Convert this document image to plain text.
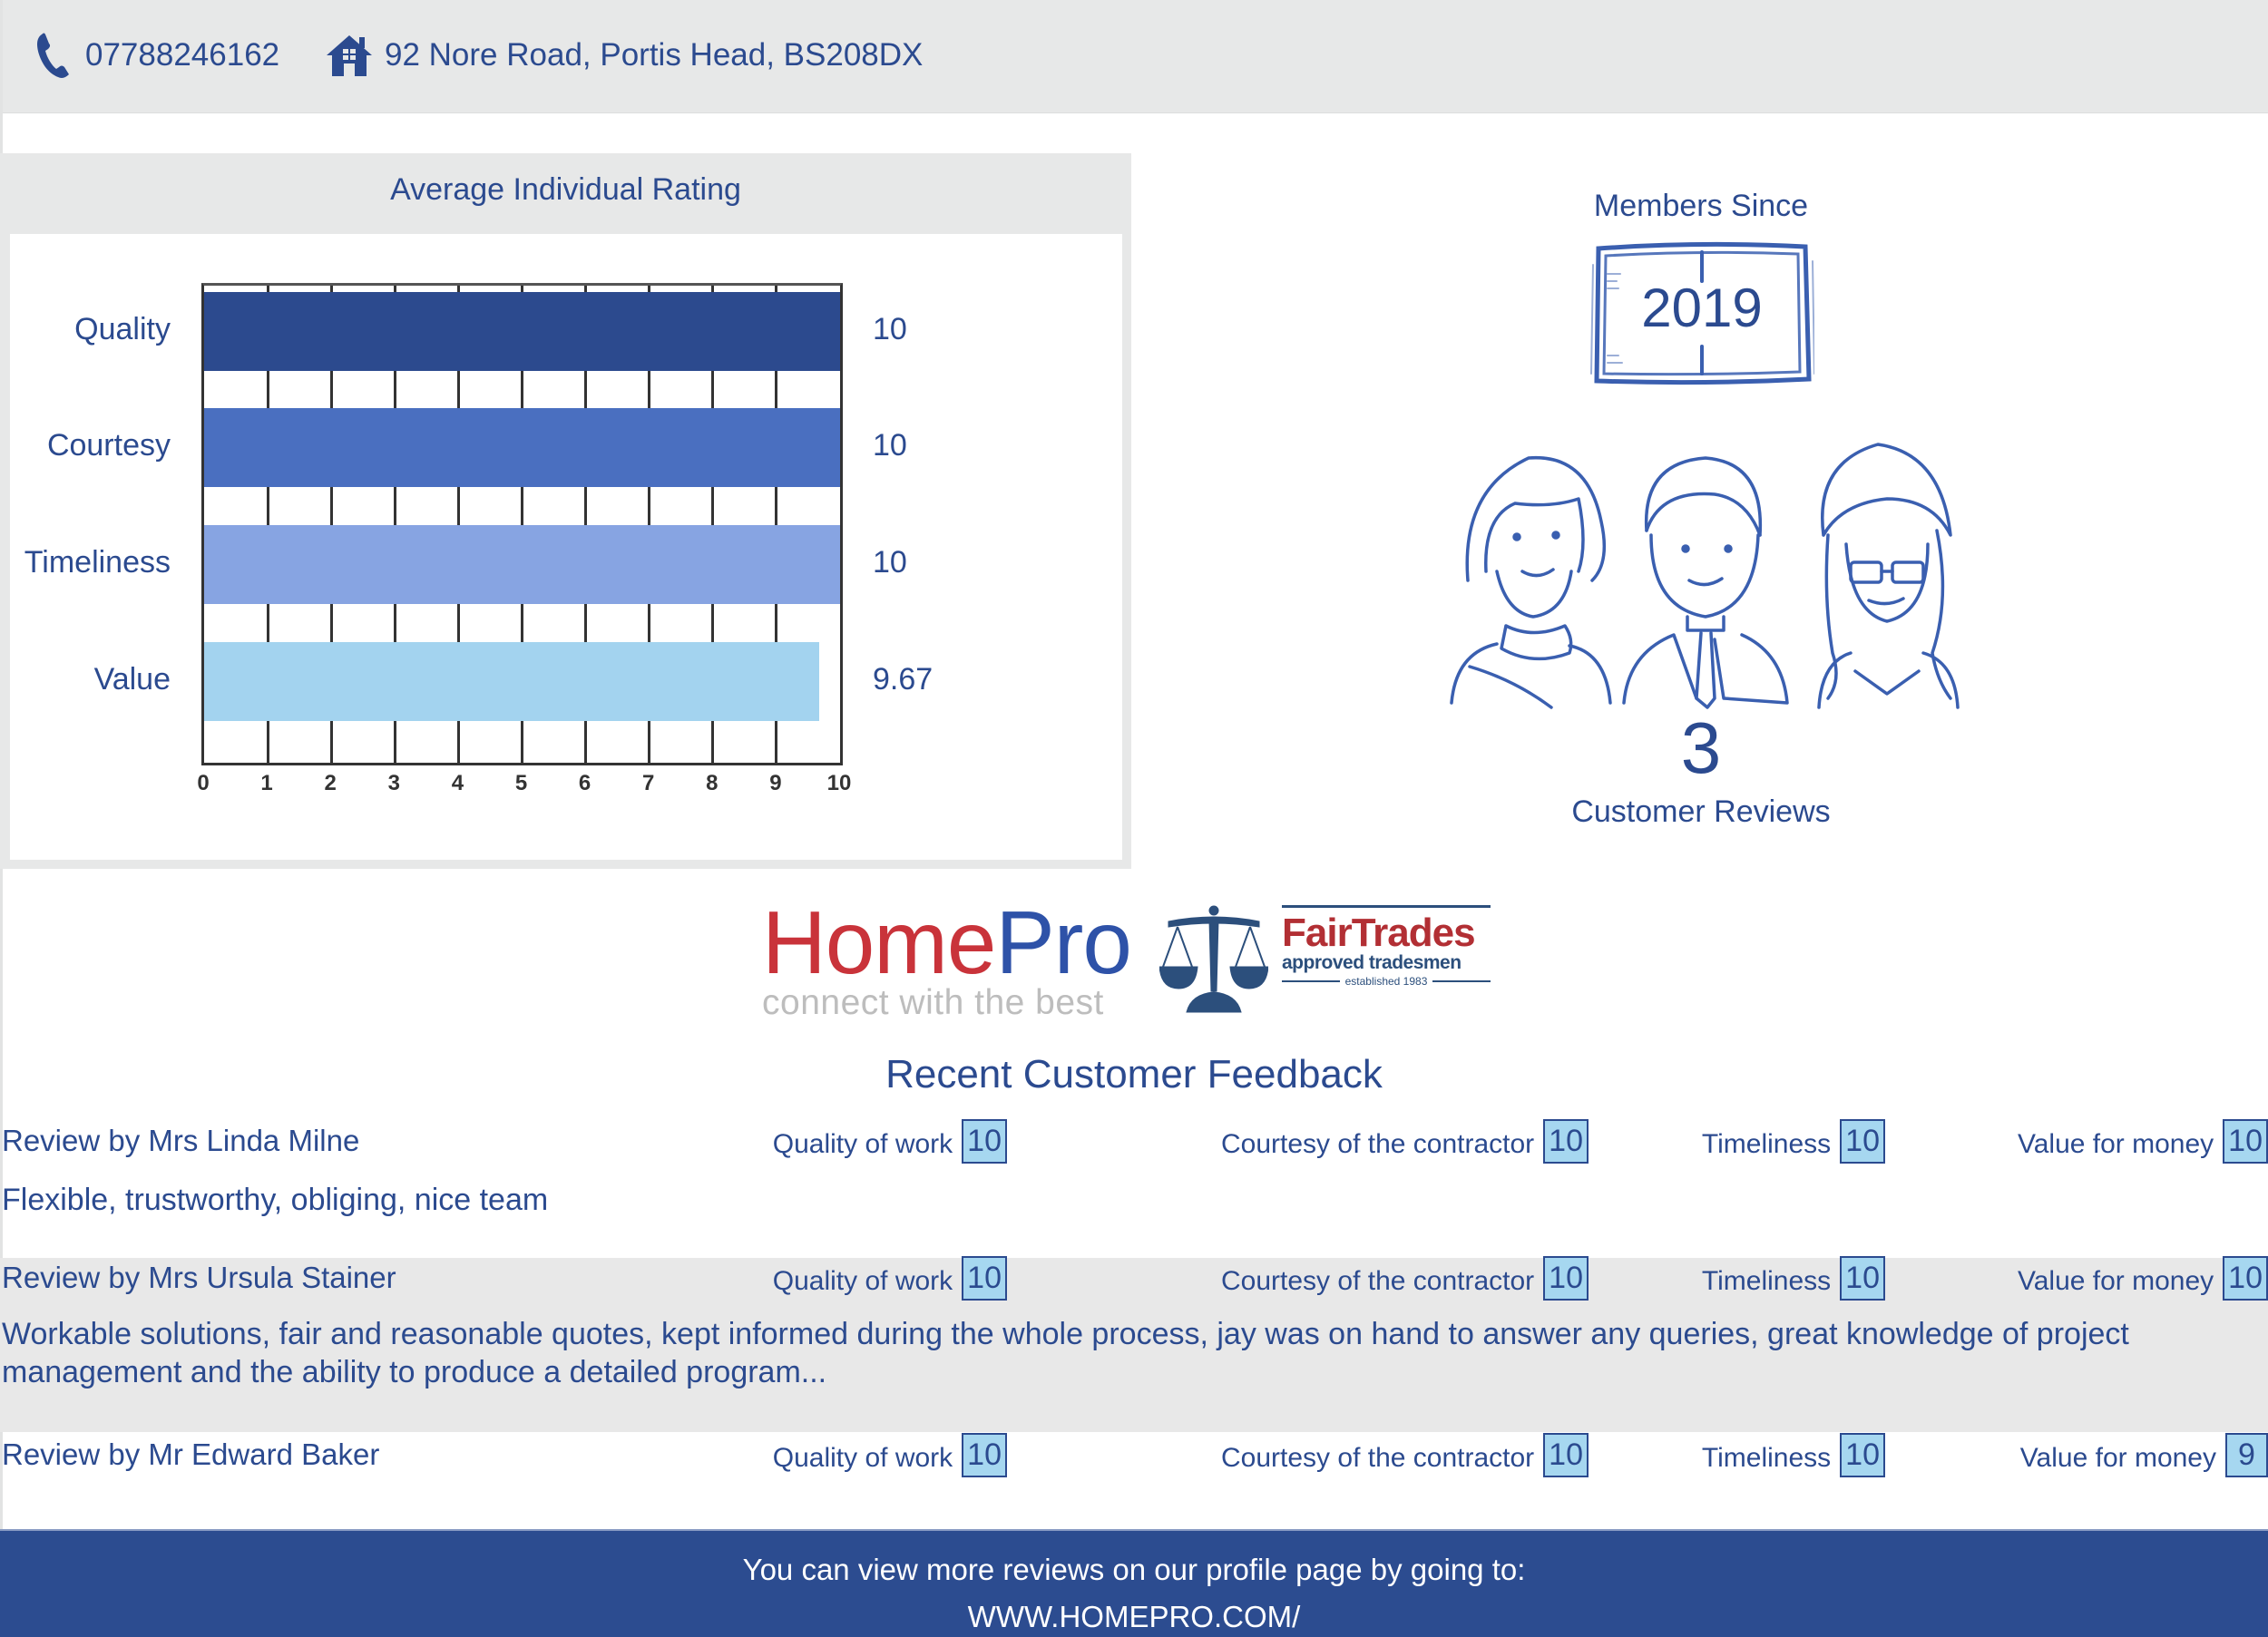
07788246162	92 Nore Road, Portis Head, BS208DX
Average Individual Rating
Quality	10
Courtesy	10
Timeliness	10
Value	9.67
0	1	2	3	4	5	6	7	8	9	10
Members Since
2019
3
Customer Reviews
HomePro
connect with the best
FairTrades
approved tradesmen
established 1983
Recent Customer Feedback
Review by Mrs Linda Milne	Quality of work 10	Courtesy of the contractor 10	Timeliness 10	Value for money 10
Flexible, trustworthy, obliging, nice team
Review by Mrs Ursula Stainer	Quality of work 10	Courtesy of the contractor 10	Timeliness 10	Value for money 10
Workable solutions, fair and reasonable quotes, kept informed during the whole process, jay was on hand to answer any queries, great knowledge of project management and the ability to produce a detailed program...
Review by Mr Edward Baker	Quality of work 10	Courtesy of the contractor 10	Timeliness 10	Value for money 9
You can view more reviews on our profile page by going to:
WWW.HOMEPRO.COM/
